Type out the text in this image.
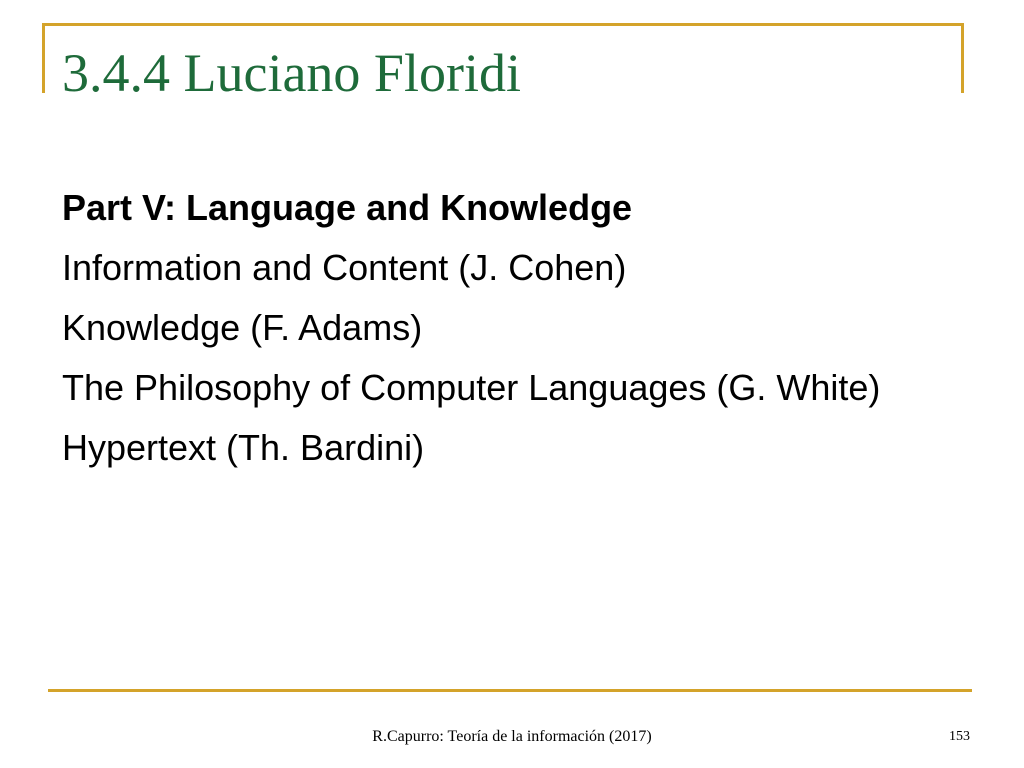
3.4.4 Luciano Floridi
Part V: Language and Knowledge
Information and Content (J. Cohen)
Knowledge (F. Adams)
The Philosophy of Computer Languages (G. White)
Hypertext (Th. Bardini)
R.Capurro: Teoría de la información (2017)	153
